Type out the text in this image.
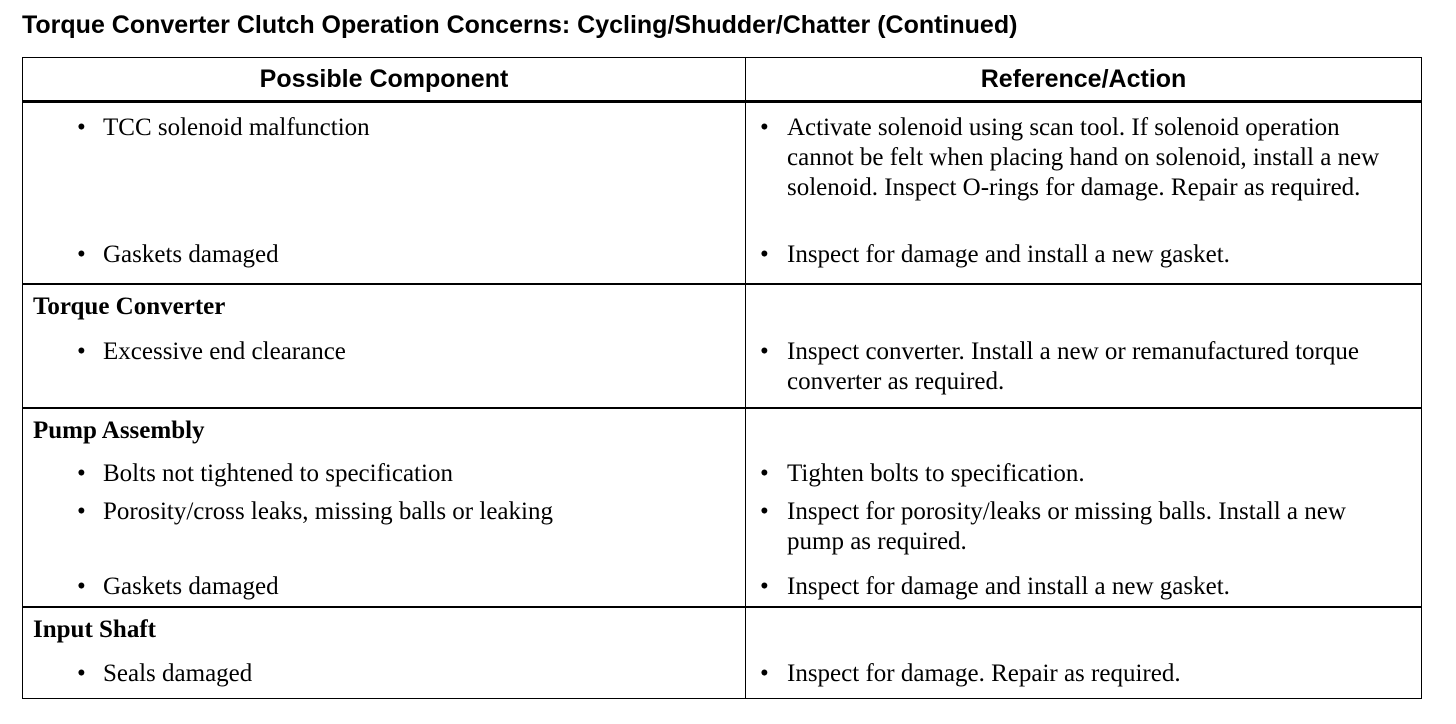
Torque Converter Clutch Operation Concerns: Cycling/Shudder/Chatter (Continued)
Possible Component	Reference/Action

• TCC solenoid malfunction	• Activate solenoid using scan tool. If solenoid operation cannot be felt when placing hand on solenoid, install a new solenoid. Inspect O-rings for damage. Repair as required.

• Gaskets damaged	• Inspect for damage and install a new gasket.

Torque Converter	

• Excessive end clearance	• Inspect converter. Install a new or remanufactured torque converter as required.

Pump Assembly	

• Bolts not tightened to specification	• Tighten bolts to specification.

• Porosity/cross leaks, missing balls or leaking	• Inspect for porosity/leaks or missing balls. Install a new pump as required.

• Gaskets damaged	• Inspect for damage and install a new gasket.

Input Shaft	

• Seals damaged	• Inspect for damage. Repair as required.
